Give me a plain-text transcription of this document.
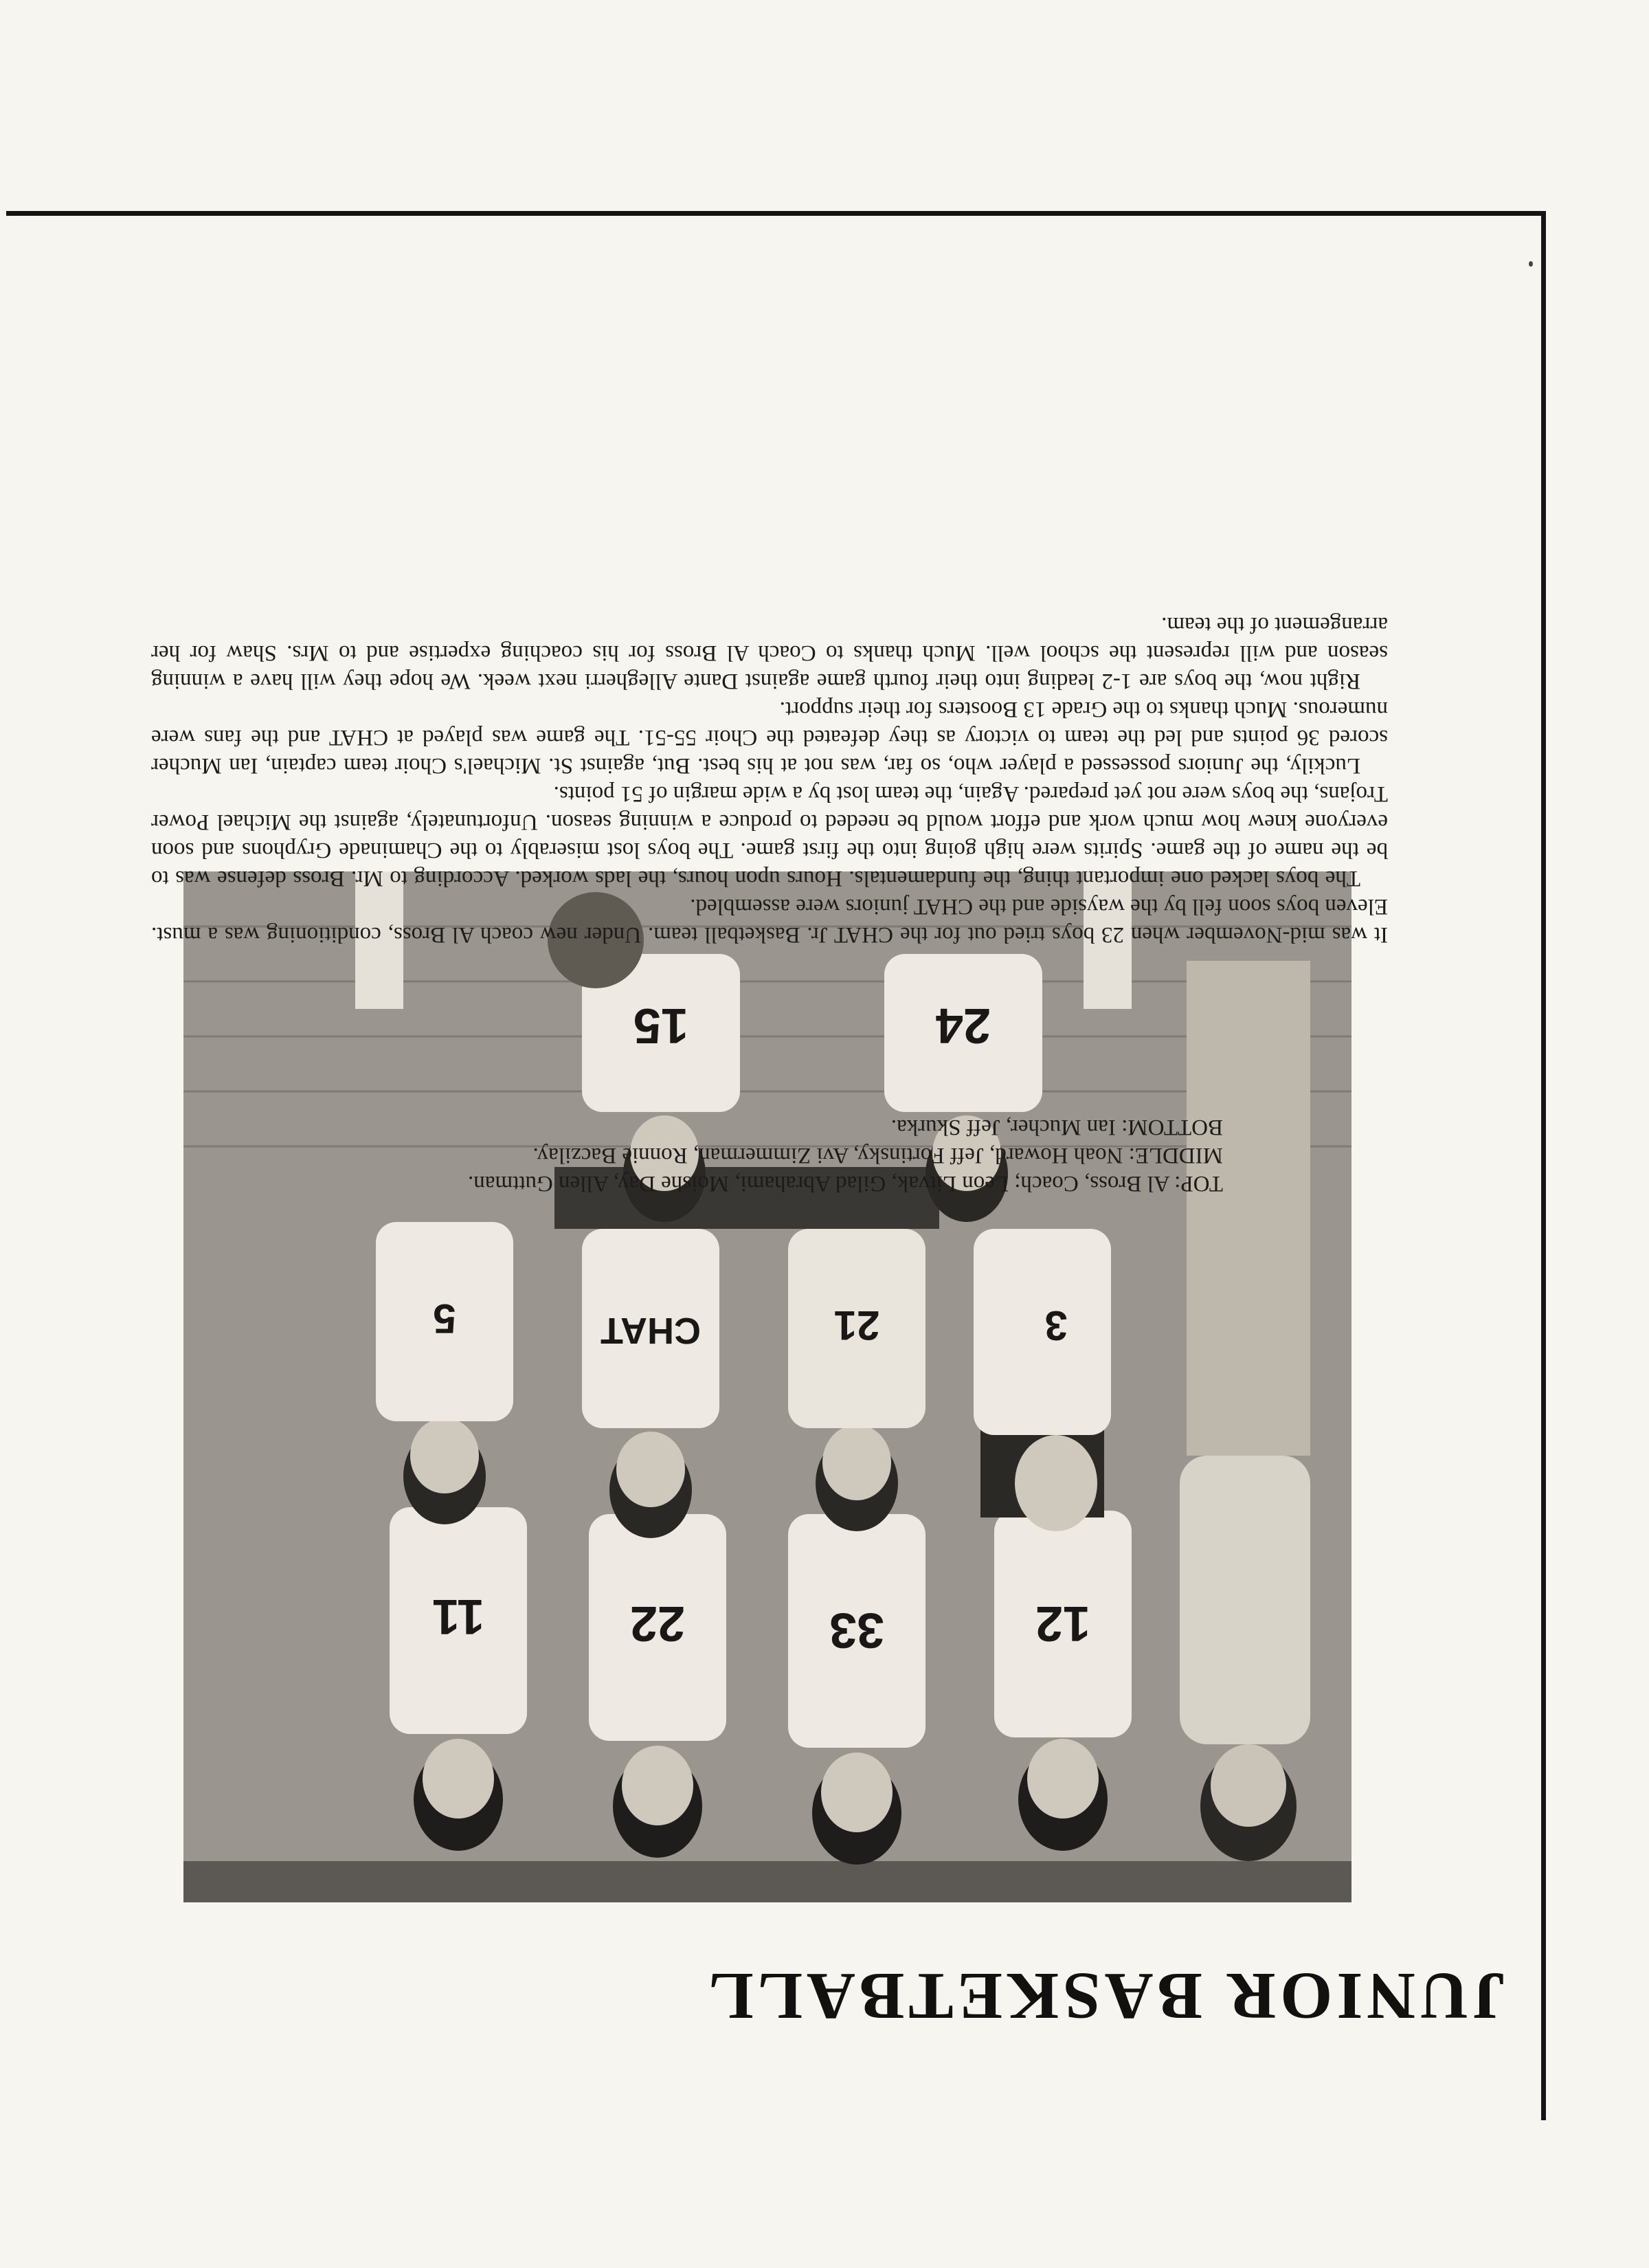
JUNIOR BASKETBALL
12
33
22
11
3
21
CHAT
5
24
15
TOP: Al Bross, Coach; Leon Litvak, Gilad Abrahami, Moishe Day, Allen Guttman.
MIDDLE: Noah Howard, Jeff Fortinsky, Avi Zimmerman, Ronnie Baczilay.
BOTTOM: Ian Mucher, Jeff Skurka.

It was mid-November when 23 boys tried out for the CHAT Jr. Basketball team. Under new coach Al Bross, conditioning was a must. Eleven boys soon fell by the wayside and the CHAT juniors were assembled.

The boys lacked one important thing, the fundamentals. Hours upon hours, the lads worked. According to Mr. Bross defense was to be the name of the game. Spirits were high going into the first game. The boys lost miserably to the Chaminade Gryphons and soon everyone knew how much work and effort would be needed to produce a winning season. Unfortunately, against the Michael Power Trojans, the boys were not yet prepared. Again, the team lost by a wide margin of 51 points.

Luckily, the Juniors possessed a player who, so far, was not at his best. But, against St. Michael's Choir team captain, Ian Mucher scored 36 points and led the team to victory as they defeated the Choir 55-51. The game was played at CHAT and the fans were numerous. Much thanks to the Grade 13 Boosters for their support.

Right now, the boys are 1-2 leading into their fourth game against Dante Allegherri next week. We hope they will have a winning season and will represent the school well. Much thanks to Coach Al Bross for his coaching expertise and to Mrs. Shaw for her arrangement of the team.
